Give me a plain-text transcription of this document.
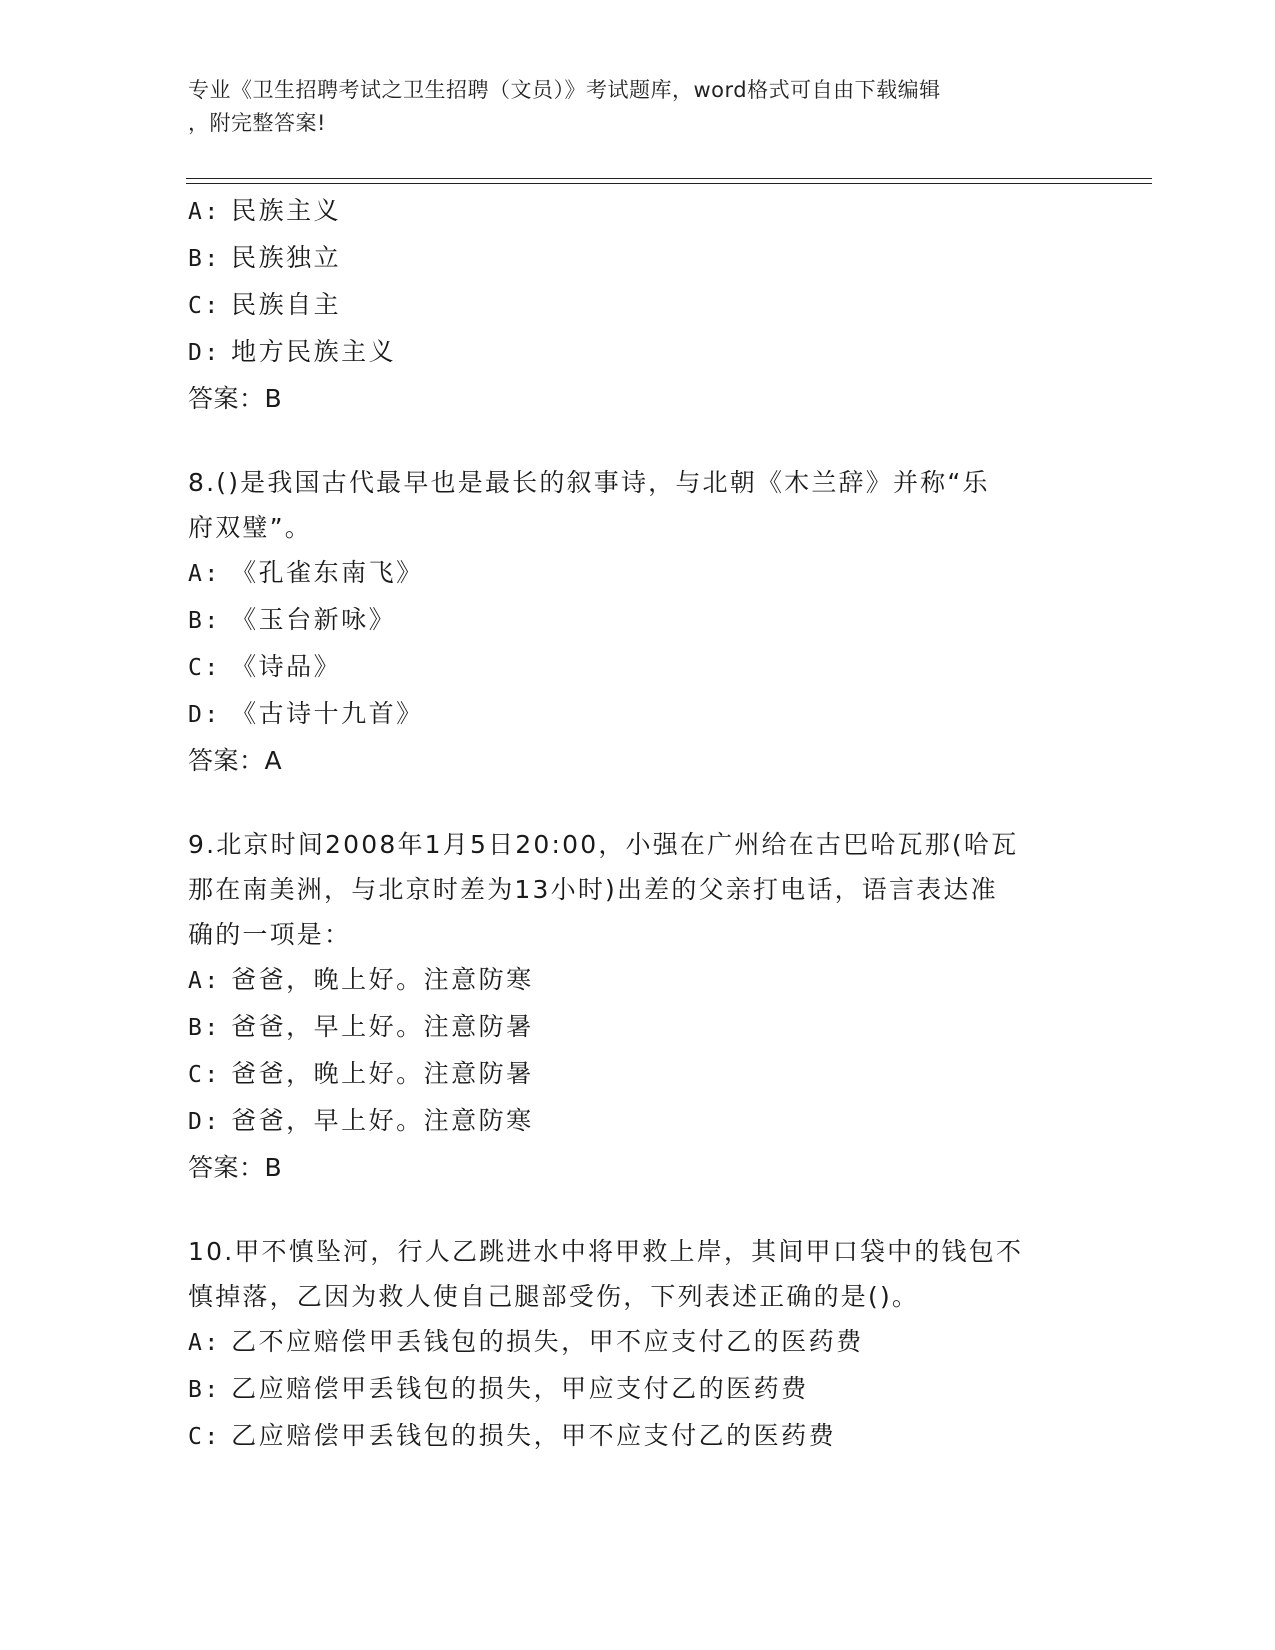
专业《卫生招聘考试之卫生招聘（文员）》考试题库，word格式可自由下载编辑
，附完整答案!
A: 民族主义
B: 民族独立
C: 民族自主
D: 地方民族主义
答案：B
8.()是我国古代最早也是最长的叙事诗，与北朝《木兰辞》并称“乐
府双璧”。
A: 《孔雀东南飞》
B: 《玉台新咏》
C: 《诗品》
D: 《古诗十九首》
答案：A
9.北京时间2008年1月5日20:00，小强在广州给在古巴哈瓦那(哈瓦
那在南美洲，与北京时差为13小时)出差的父亲打电话，语言表达准
确的一项是：
A: 爸爸，晚上好。注意防寒
B: 爸爸，早上好。注意防暑
C: 爸爸，晚上好。注意防暑
D: 爸爸，早上好。注意防寒
答案：B
10.甲不慎坠河，行人乙跳进水中将甲救上岸，其间甲口袋中的钱包不
慎掉落，乙因为救人使自己腿部受伤，下列表述正确的是()。
A: 乙不应赔偿甲丢钱包的损失，甲不应支付乙的医药费
B: 乙应赔偿甲丢钱包的损失，甲应支付乙的医药费
C: 乙应赔偿甲丢钱包的损失，甲不应支付乙的医药费
